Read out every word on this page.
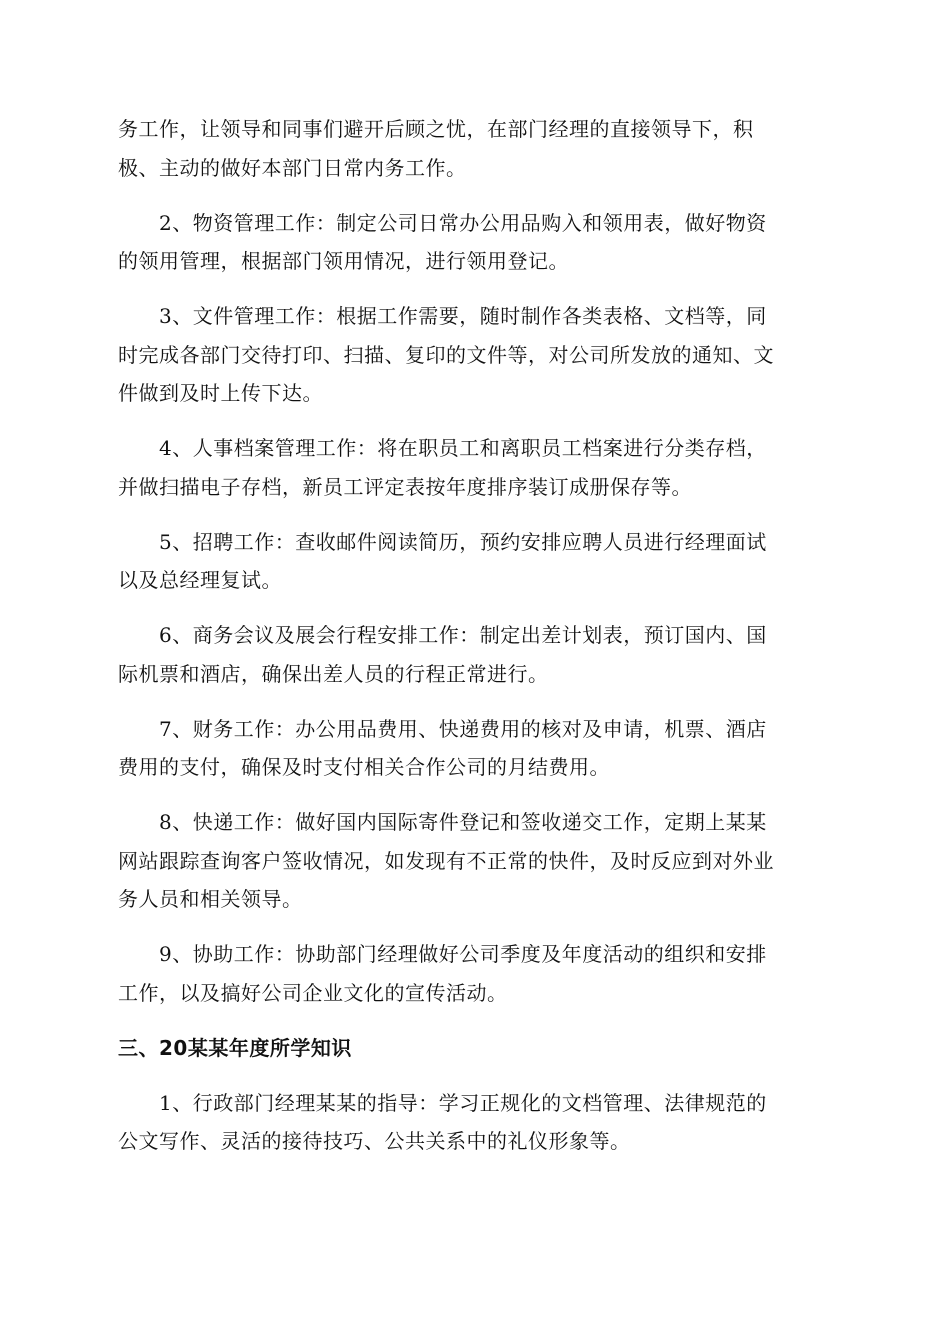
务工作，让领导和同事们避开后顾之忧，在部门经理的直接领导下，积
极、主动的做好本部门日常内务工作。

2、物资管理工作：制定公司日常办公用品购入和领用表，做好物资
的领用管理，根据部门领用情况，进行领用登记。

3、文件管理工作：根据工作需要，随时制作各类表格、文档等，同
时完成各部门交待打印、扫描、复印的文件等，对公司所发放的通知、文
件做到及时上传下达。

4、人事档案管理工作：将在职员工和离职员工档案进行分类存档，
并做扫描电子存档，新员工评定表按年度排序装订成册保存等。

5、招聘工作：查收邮件阅读简历，预约安排应聘人员进行经理面试
以及总经理复试。

6、商务会议及展会行程安排工作：制定出差计划表，预订国内、国
际机票和酒店，确保出差人员的行程正常进行。

7、财务工作：办公用品费用、快递费用的核对及申请，机票、酒店
费用的支付，确保及时支付相关合作公司的月结费用。

8、快递工作：做好国内国际寄件登记和签收递交工作，定期上某某
网站跟踪查询客户签收情况，如发现有不正常的快件，及时反应到对外业
务人员和相关领导。

9、协助工作：协助部门经理做好公司季度及年度活动的组织和安排
工作，以及搞好公司企业文化的宣传活动。

三、20某某年度所学知识

1、行政部门经理某某的指导：学习正规化的文档管理、法律规范的
公文写作、灵活的接待技巧、公共关系中的礼仪形象等。
